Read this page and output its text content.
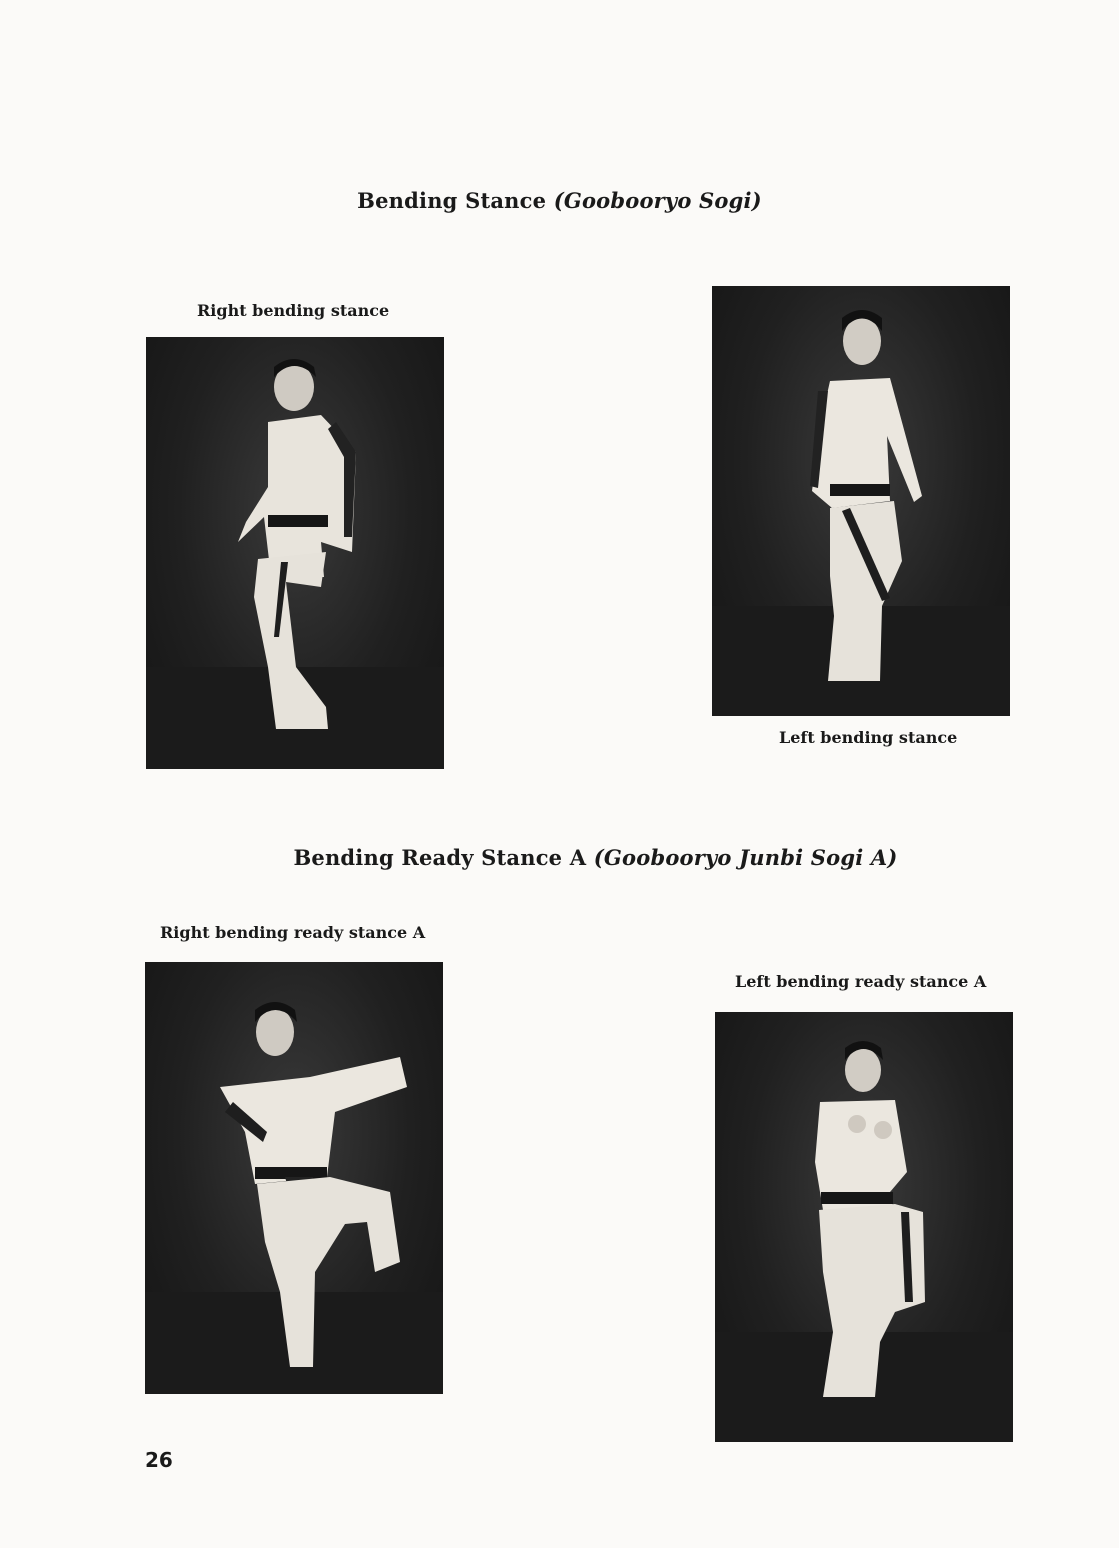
Bending Stance (Goobooryo Sogi)
Right bending stance
Left bending stance
Bending Ready Stance A (Goobooryo Junbi Sogi A)
Right bending ready stance A
Left bending ready stance A
26
